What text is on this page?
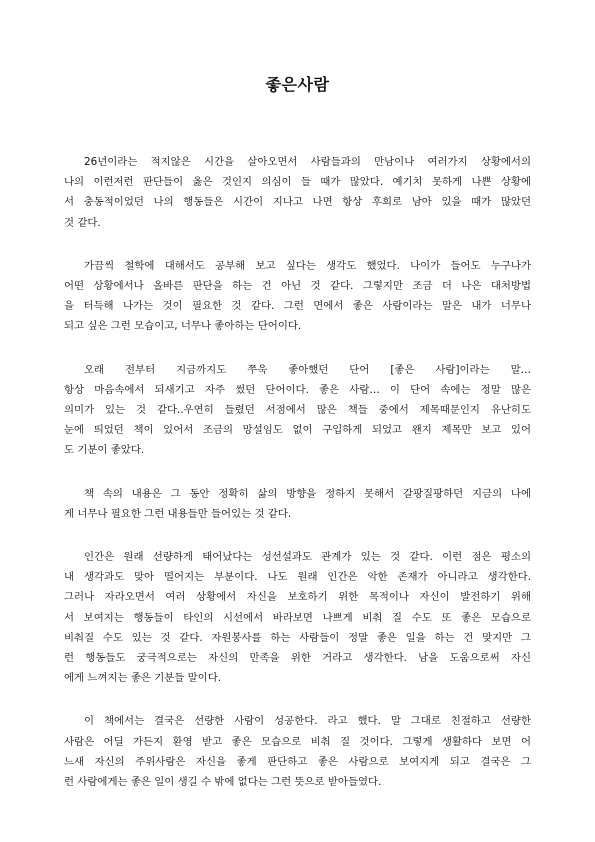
좋은사람
26년이라는 적지않은 시간을 살아오면서 사람들과의 만남이나 여러가지 상황에서의
나의 이런저런 판단들이 옳은 것인지 의심이 들 때가 많았다. 예기치 못하게 나쁜 상황에
서 충동적이었던 나의 행동들은 시간이 지나고 나면 항상 후회로 남아 있을 때가 많았던
것 같다.
가끔씩 철학에 대해서도 공부해 보고 싶다는 생각도 했었다. 나이가 들어도 누구나가
어떤 상황에서나 올바른 판단을 하는 건 아닌 것 같다. 그렇지만 조금 더 나은 대처방법
을 터득해 나가는 것이 필요한 것 같다. 그런 면에서 좋은 사람이라는 말은 내가 너무나
되고 싶은 그런 모습이고, 너무나 좋아하는 단어이다.
오래 전부터 지금까지도 쭈욱 좋아했던 단어 [좋은 사람]이라는 말…
항상 마음속에서 되새기고 자주 썼던 단어이다. 좋은 사람… 이 단어 속에는 정말 많은
의미가 있는 것 같다..우연히 들렸던 서점에서 많은 책들 중에서 제목때문인지 유난히도
눈에 띄었던 책이 있어서 조금의 망설임도 없이 구입하게 되었고 왠지 제목만 보고 있어
도 기분이 좋았다.
책 속의 내용은 그 동안 정확히 삶의 방향을 정하지 못해서 갈팡질팡하던 지금의 나에
게 너무나 필요한 그런 내용들만 들어있는 것 같다.
인간은 원래 선량하게 태어났다는 성선설과도 관계가 있는 것 같다. 이런 점은 평소의
내 생각과도 맞아 떨어지는 부분이다. 나도 원래 인간은 악한 존재가 아니라고 생각한다.
그러나 자라오면서 여러 상황에서 자신을 보호하기 위한 목적이나 자신이 발전하기 위해
서 보여지는 행동들이 타인의 시선에서 바라보면 나쁘게 비춰 질 수도 또 좋은 모습으로
비춰질 수도 있는 것 같다. 자원봉사를 하는 사람들이 정말 좋은 일을 하는 건 맞지만 그
런 행동들도 궁극적으로는 자신의 만족을 위한 거라고 생각한다. 남을 도움으로써 자신
에게 느껴지는 좋은 기분들 말이다.
이 책에서는 결국은 선량한 사람이 성공한다. 라고 했다. 말 그대로 친절하고 선량한
사람은 어딜 가든지 환영 받고 좋은 모습으로 비춰 질 것이다. 그렇게 생활하다 보면 어
느새 자신의 주위사람은 자신을 좋게 판단하고 좋은 사람으로 보여지게 되고 결국은 그
런 사람에게는 좋은 일이 생길 수 밖에 없다는 그런 뜻으로 받아들였다.
